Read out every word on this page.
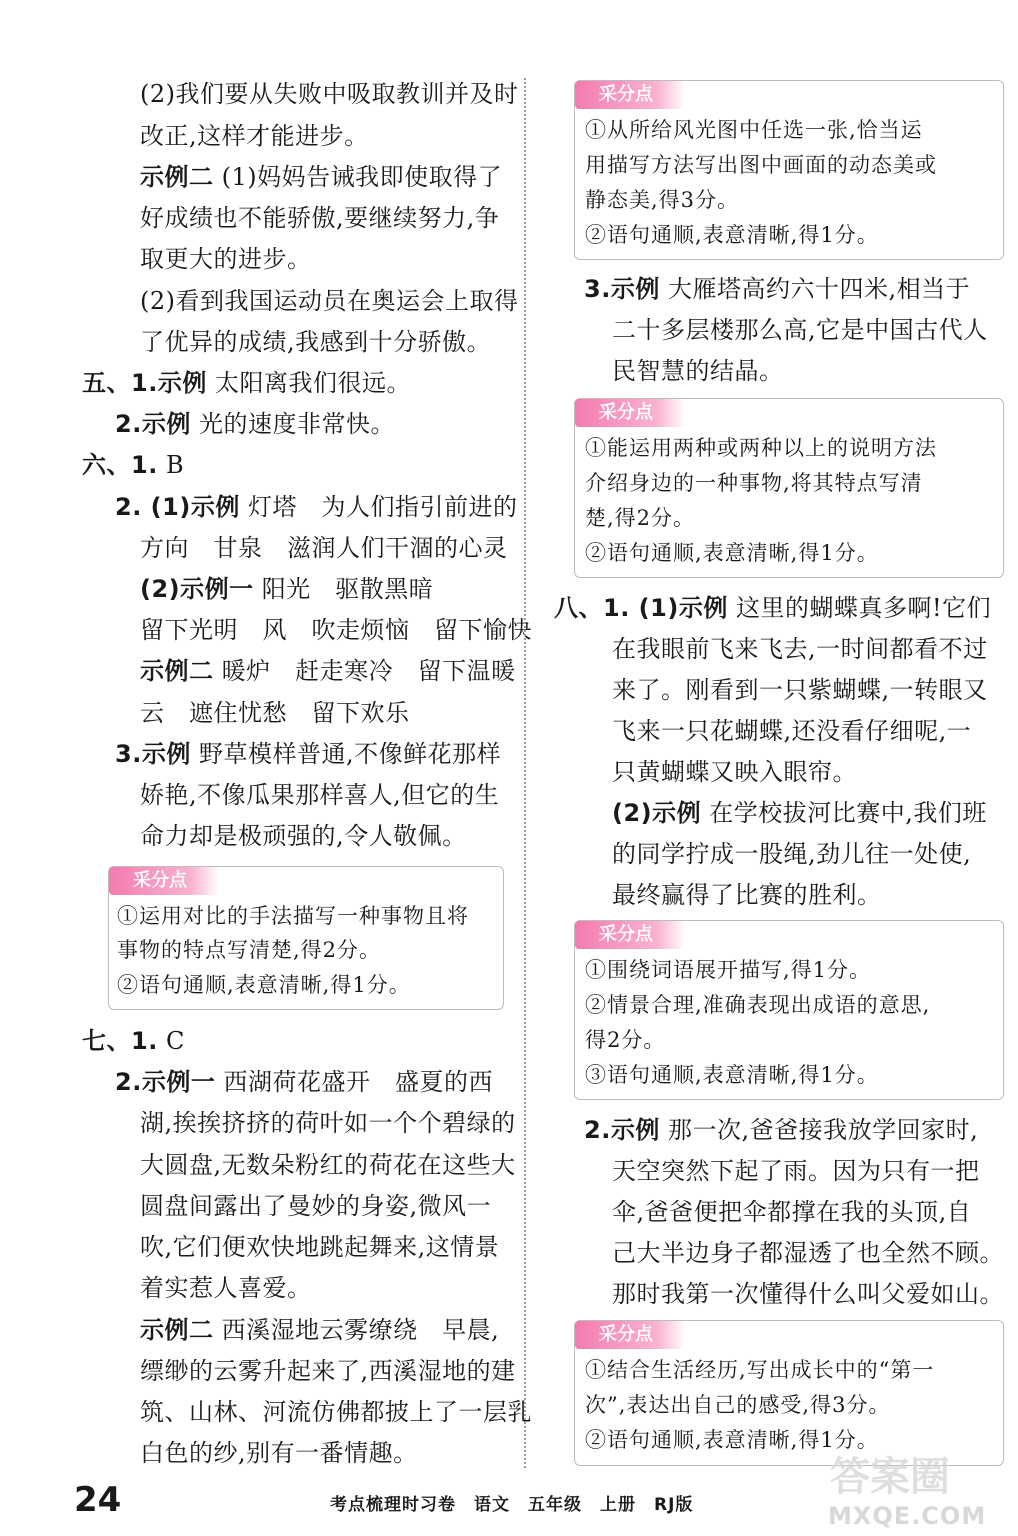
(2)我们要从失败中吸取教训并及时
改正,这样才能进步。
示例二 (1)妈妈告诫我即使取得了
好成绩也不能骄傲,要继续努力,争
取更大的进步。
(2)看到我国运动员在奥运会上取得
了优异的成绩,我感到十分骄傲。
五、1.示例 太阳离我们很远。
2.示例 光的速度非常快。
六、1. B
2. (1)示例 灯塔　为人们指引前进的
方向　甘泉　滋润人们干涸的心灵
(2)示例一 阳光　驱散黑暗
留下光明　风　吹走烦恼　留下愉快
示例二 暖炉　赶走寒冷　留下温暖
云　遮住忧愁　留下欢乐
3.示例 野草模样普通,不像鲜花那样
娇艳,不像瓜果那样喜人,但它的生
命力却是极顽强的,令人敬佩。
采分点
①运用对比的手法描写一种事物且将
事物的特点写清楚,得2分。
②语句通顺,表意清晰,得1分。
七、1. C
2.示例一 西湖荷花盛开　盛夏的西
湖,挨挨挤挤的荷叶如一个个碧绿的
大圆盘,无数朵粉红的荷花在这些大
圆盘间露出了曼妙的身姿,微风一
吹,它们便欢快地跳起舞来,这情景
着实惹人喜爱。
示例二 西溪湿地云雾缭绕　早晨,
缥缈的云雾升起来了,西溪湿地的建
筑、山林、河流仿佛都披上了一层乳
白色的纱,别有一番情趣。
采分点
①从所给风光图中任选一张,恰当运
用描写方法写出图中画面的动态美或
静态美,得3分。
②语句通顺,表意清晰,得1分。
3.示例 大雁塔高约六十四米,相当于
二十多层楼那么高,它是中国古代人
民智慧的结晶。
采分点
①能运用两种或两种以上的说明方法
介绍身边的一种事物,将其特点写清
楚,得2分。
②语句通顺,表意清晰,得1分。
八、1. (1)示例 这里的蝴蝶真多啊!它们
在我眼前飞来飞去,一时间都看不过
来了。刚看到一只紫蝴蝶,一转眼又
飞来一只花蝴蝶,还没看仔细呢,一
只黄蝴蝶又映入眼帘。
(2)示例 在学校拔河比赛中,我们班
的同学拧成一股绳,劲儿往一处使,
最终赢得了比赛的胜利。
采分点
①围绕词语展开描写,得1分。
②情景合理,准确表现出成语的意思,
得2分。
③语句通顺,表意清晰,得1分。
2.示例 那一次,爸爸接我放学回家时,
天空突然下起了雨。因为只有一把
伞,爸爸便把伞都撑在我的头顶,自
己大半边身子都湿透了也全然不顾。
那时我第一次懂得什么叫父爱如山。
采分点
①结合生活经历,写出成长中的“第一
次”,表达出自己的感受,得3分。
②语句通顺,表意清晰,得1分。
24	考点梳理时习卷　语文　五年级　上册　RJ版
答案圈
MXQE.COM
